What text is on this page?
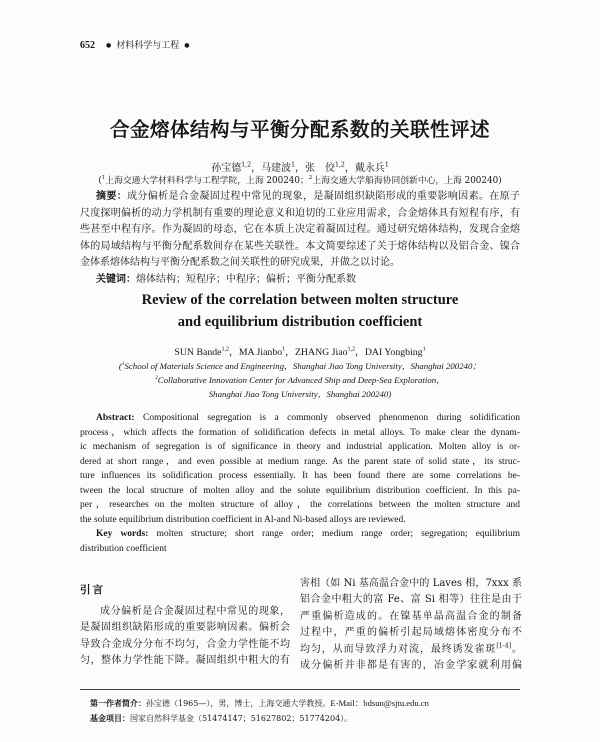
652 ● 材料科学与工程 ●
合金熔体结构与平衡分配系数的关联性评述
孙宝德$^{1,2}$，马建波$^1$，张　佼$^{1,2}$，戴永兵$^1$
($^1$上海交通大学材料科学与工程学院，上海 200240；$^2$上海交通大学船海协同创新中心，上海 200240)
摘要：成分偏析是合金凝固过程中常见的现象，是凝固组织缺陷形成的重要影响因素。在原子
尺度探明偏析的动力学机制有重要的理论意义和迫切的工业应用需求，合金熔体具有短程有序，有
些甚至中程有序。作为凝固的母态，它在本质上决定着凝固过程。通过研究熔体结构，发现合金熔
体的局域结构与平衡分配系数间存在某些关联性。本文简要综述了关于熔体结构以及铝合金、镍合
金体系熔体结构与平衡分配系数之间关联性的研究成果，并做之以讨论。
关键词：熔体结构；短程序；中程序；偏析；平衡分配系数
Review of the correlation between molten structure
and equilibrium distribution coefficient
SUN Bande$^{1,2}$，MA Jianbo$^1$，ZHANG Jiao$^{1,2}$，DAI Yongbing$^1$
($^1$School of Materials Science and Engineering，Shanghai Jiao Tong University，Shanghai 200240；
$^2$Collaborative Innovation Center for Advanced Ship and Deep-Sea Exploration，
Shanghai Jiao Tong University，Shanghai 200240)
Abstract: Compositional segregation is a commonly observed phenomenon during solidification
process，which affects the formation of solidification defects in metal alloys. To make clear the dynam-
ic mechanism of segregation is of significance in theory and industrial application. Molten alloy is or-
dered at short range，and even possible at medium range. As the parent state of solid state，its struc-
ture influences its solidification process essentially. It has been found there are some correlations be-
tween the local structure of molten alloy and the solute equilibrium distribution coefficient. In this pa-
per，researches on the molten structure of alloy，the correlations between the molten structure and
the solute equilibrium distribution coefficient in Al-and Ni-based alloys are reviewed.
Key words: molten structure; short range order; medium range order; segregation; equilibrium
distribution coefficient
引言
成分偏析是合金凝固过程中常见的现象，
是凝固组织缺陷形成的重要影响因素。偏析会
导致合金成分分布不均匀，合金力学性能不均
匀，整体力学性能下降。凝固组织中粗大的有
害相（如 Ni 基高温合金中的 Laves 相，7xxx 系
铝合金中粗大的富 Fe、富 Si 相等）往往是由于
严重偏析造成的。在镍基单晶高温合金的制备
过程中，严重的偏析引起局域熔体密度分布不
均匀，从而导致浮力对流，最终诱发雀斑[1-4]。
成分偏析并非都是有害的，冶金学家就利用偏
第一作者简介：孙宝德（1965—），男，博士，上海交通大学教授。E-Mail：bdsun@sjtu.edu.cn
基金项目：国家自然科学基金（51474147；51627802；51774204）。
